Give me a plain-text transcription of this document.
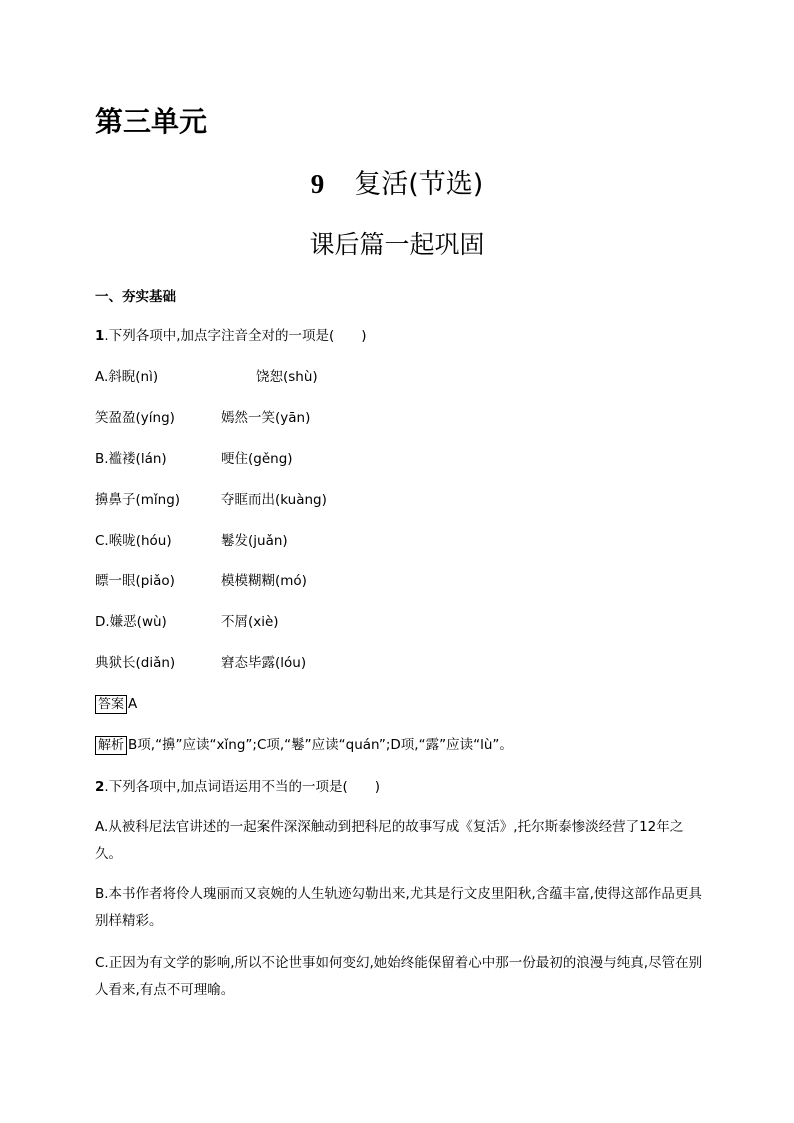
第三单元
9 复活(节选)
课后篇一起巩固
一、夯实基础
1.下列各项中,加点字注音全对的一项是(　　)
A.斜睨(nì)	饶恕(shù)
笑盈盈(yíng)	嫣然一笑(yān)
B.褴褛(lán)	哽住(gěng)
擤鼻子(mǐng)	夺眶而出(kuàng)
C.喉咙(hóu)	鬈发(juǎn)
瞟一眼(piǎo)	模模糊糊(mó)
D.嫌恶(wù)	不屑(xiè)
典狱长(diǎn)	窘态毕露(lóu)
答案 A
解析 B项,“擤”应读“xǐng”;C项,“鬈”应读“quán”;D项,“露”应读“lù”。
2.下列各项中,加点词语运用不当的一项是(　　)
A.从被科尼法官讲述的一起案件深深触动到把科尼的故事写成《复活》,托尔斯泰惨淡经营了12年之久。
B.本书作者将伶人瑰丽而又哀婉的人生轨迹勾勒出来,尤其是行文皮里阳秋,含蕴丰富,使得这部作品更具别样精彩。
C.正因为有文学的影响,所以不论世事如何变幻,她始终能保留着心中那一份最初的浪漫与纯真,尽管在别人看来,有点不可理喻。
